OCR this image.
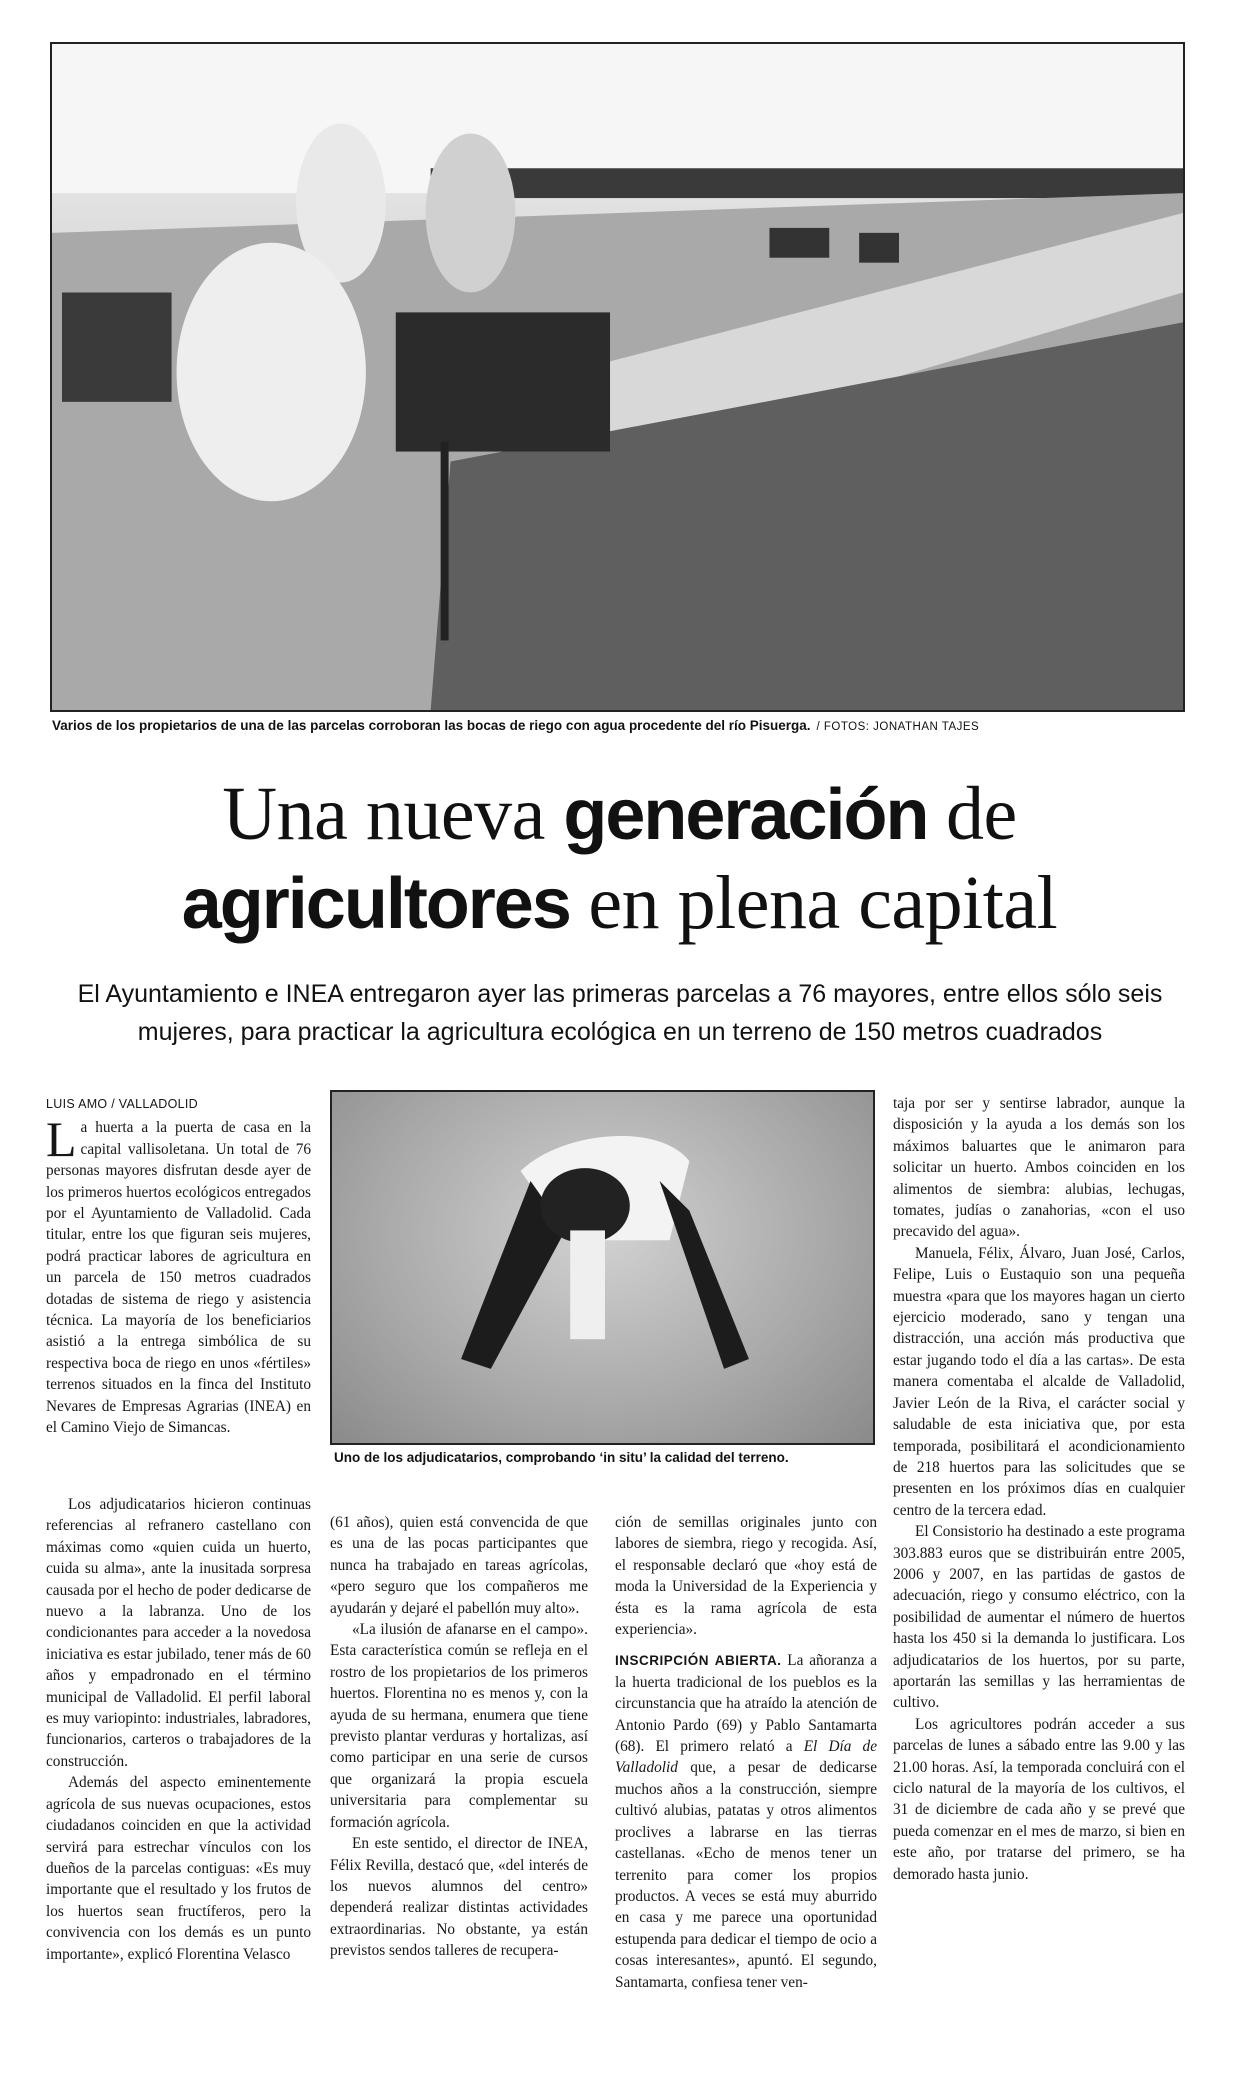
Varios de los propietarios de una de las parcelas corroboran las bocas de riego con agua procedente del río Pisuerga. / FOTOS: JONATHAN TAJES

Una nueva generación de
agricultores en plena capital

El Ayuntamiento e INEA entregaron ayer las primeras parcelas a 76 mayores, entre ellos sólo seis mujeres, para practicar la agricultura ecológica en un terreno de 150 metros cuadrados

Uno de los adjudicatarios, comprobando ‘in situ’ la calidad del terreno.

LUIS AMO / VALLADOLID

La huerta a la puerta de casa en la capital vallisoletana. Un total de 76 personas mayores disfrutan desde ayer de los primeros huertos ecológicos entregados por el Ayuntamiento de Valladolid. Cada titular, entre los que figuran seis mujeres, podrá practicar labores de agricultura en un parcela de 150 metros cuadrados dotadas de sistema de riego y asistencia técnica. La mayoría de los beneficiarios asistió a la entrega simbólica de su respectiva boca de riego en unos «fértiles» terrenos situados en la finca del Instituto Nevares de Empresas Agrarias (INEA) en el Camino Viejo de Simancas.

Los adjudicatarios hicieron continuas referencias al refranero castellano con máximas como «quien cuida un huerto, cuida su alma», ante la inusitada sorpresa causada por el hecho de poder dedicarse de nuevo a la labranza. Uno de los condicionantes para acceder a la novedosa iniciativa es estar jubilado, tener más de 60 años y empadronado en el término municipal de Valladolid. El perfil laboral es muy variopinto: industriales, labradores, funcionarios, carteros o trabajadores de la construcción.

Además del aspecto eminentemente agrícola de sus nuevas ocupaciones, estos ciudadanos coinciden en que la actividad servirá para estrechar vínculos con los dueños de la parcelas contiguas: «Es muy importante que el resultado y los frutos de los huertos sean fructíferos, pero la convivencia con los demás es un punto importante», explicó Florentina Velasco

(61 años), quien está convencida de que es una de las pocas participantes que nunca ha trabajado en tareas agrícolas, «pero seguro que los compañeros me ayudarán y dejaré el pabellón muy alto».

«La ilusión de afanarse en el campo». Esta característica común se refleja en el rostro de los propietarios de los primeros huertos. Florentina no es menos y, con la ayuda de su hermana, enumera que tiene previsto plantar verduras y hortalizas, así como participar en una serie de cursos que organizará la propia escuela universitaria para complementar su formación agrícola.

En este sentido, el director de INEA, Félix Revilla, destacó que, «del interés de los nuevos alumnos del centro» dependerá realizar distintas actividades extraordinarias. No obstante, ya están previstos sendos talleres de recupera-

ción de semillas originales junto con labores de siembra, riego y recogida. Así, el responsable declaró que «hoy está de moda la Universidad de la Experiencia y ésta es la rama agrícola de esta experiencia».

INSCRIPCIÓN ABIERTA. La añoranza a la huerta tradicional de los pueblos es la circunstancia que ha atraído la atención de Antonio Pardo (69) y Pablo Santamarta (68). El primero relató a El Día de Valladolid que, a pesar de dedicarse muchos años a la construcción, siempre cultivó alubias, patatas y otros alimentos proclives a labrarse en las tierras castellanas. «Echo de menos tener un terrenito para comer los propios productos. A veces se está muy aburrido en casa y me parece una oportunidad estupenda para dedicar el tiempo de ocio a cosas interesantes», apuntó. El segundo, Santamarta, confiesa tener ven-

taja por ser y sentirse labrador, aunque la disposición y la ayuda a los demás son los máximos baluartes que le animaron para solicitar un huerto. Ambos coinciden en los alimentos de siembra: alubias, lechugas, tomates, judías o zanahorias, «con el uso precavido del agua».

Manuela, Félix, Álvaro, Juan José, Carlos, Felipe, Luis o Eustaquio son una pequeña muestra «para que los mayores hagan un cierto ejercicio moderado, sano y tengan una distracción, una acción más productiva que estar jugando todo el día a las cartas». De esta manera comentaba el alcalde de Valladolid, Javier León de la Riva, el carácter social y saludable de esta iniciativa que, por esta temporada, posibilitará el acondicionamiento de 218 huertos para las solicitudes que se presenten en los próximos días en cualquier centro de la tercera edad.

El Consistorio ha destinado a este programa 303.883 euros que se distribuirán entre 2005, 2006 y 2007, en las partidas de gastos de adecuación, riego y consumo eléctrico, con la posibilidad de aumentar el número de huertos hasta los 450 si la demanda lo justificara. Los adjudicatarios de los huertos, por su parte, aportarán las semillas y las herramientas de cultivo.

Los agricultores podrán acceder a sus parcelas de lunes a sábado entre las 9.00 y las 21.00 horas. Así, la temporada concluirá con el ciclo natural de la mayoría de los cultivos, el 31 de diciembre de cada año y se prevé que pueda comenzar en el mes de marzo, si bien en este año, por tratarse del primero, se ha demorado hasta junio.
